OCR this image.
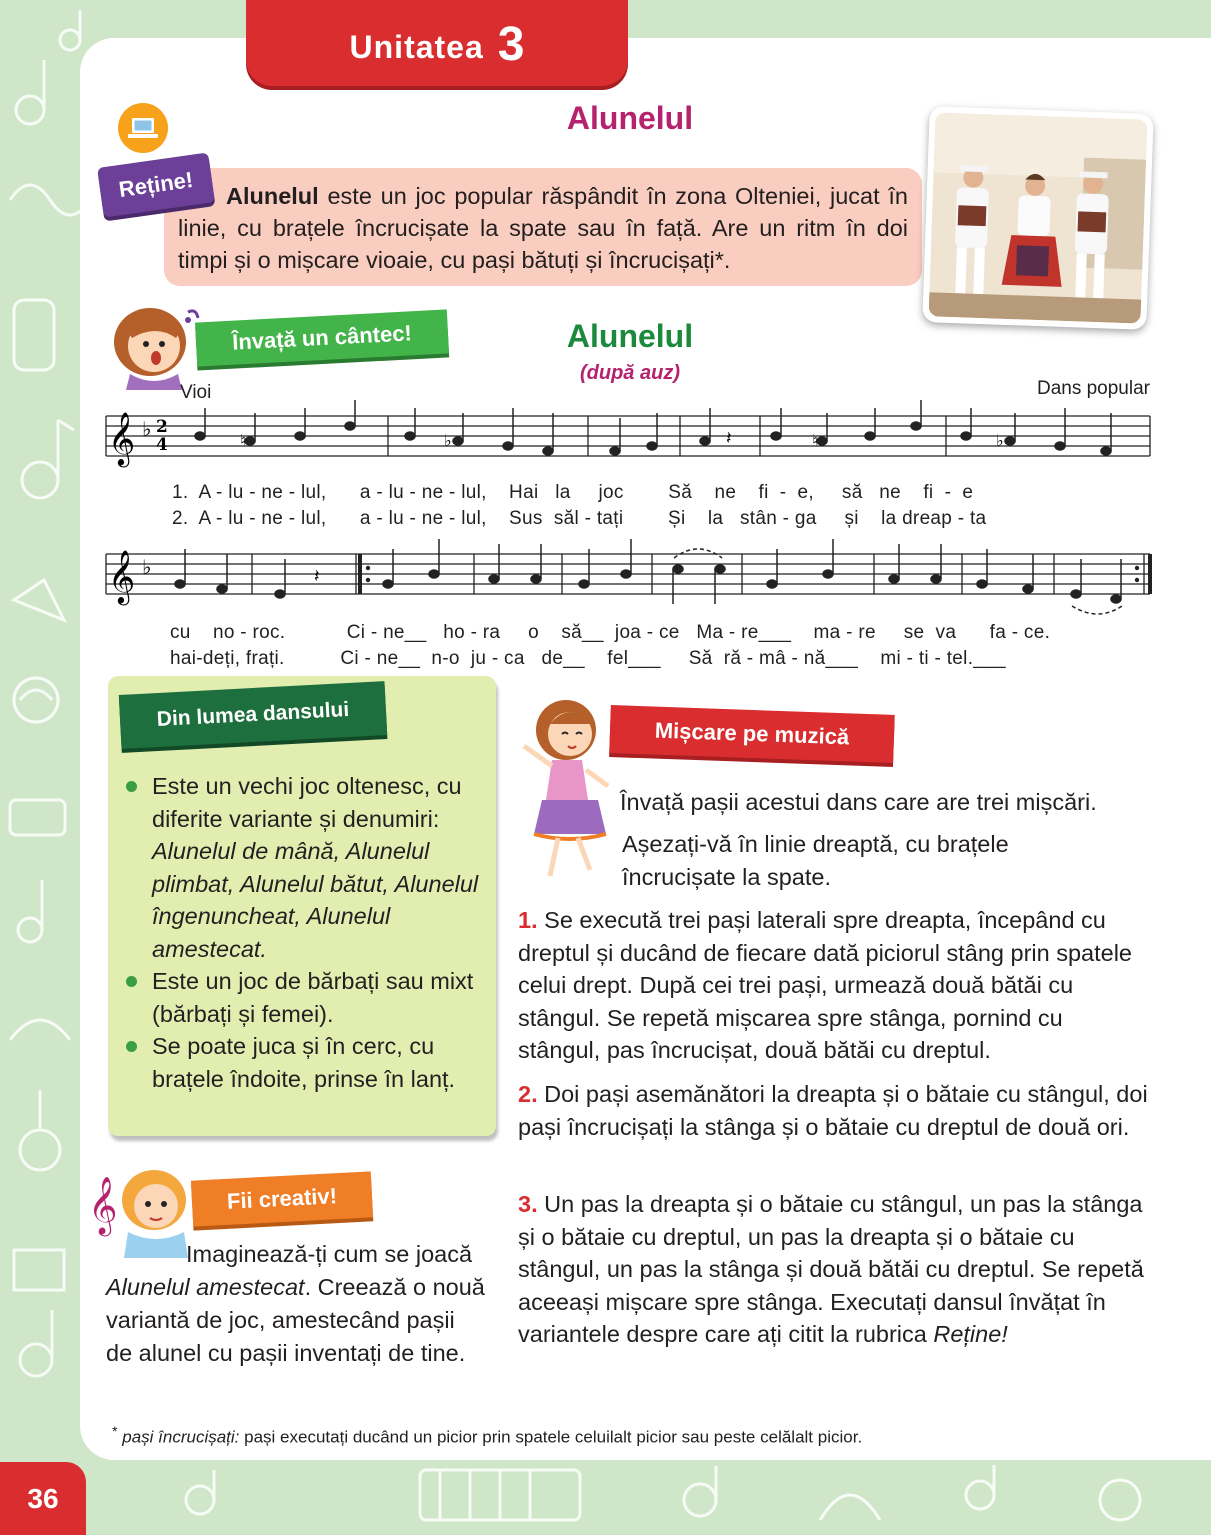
Unitatea 3
Alunelul
Alunelul este un joc popular răspândit în zona Olteniei, jucat în linie, cu brațele încrucișate la spate sau în față. Are un ritm în doi timpi și o mișcare vioaie, cu pași bătuți și încrucișați*.
Reține!
Învață un cântec!	Alunelul
(după auz)
Vioi	Dans popular
𝄞 ♭ 2
4	♮	♭	♮	♭
𝄽
1.  A - lu - ne - lul,      a - lu - ne - lul,    Hai   la     joc        Să    ne    fi  -  e,     să   ne    fi  -  e
2.  A - lu - ne - lul,      a - lu - ne - lul,    Sus  săl - tați        Și    la   stân - ga     și    la dreap - ta
𝄞 ♭	𝄽
cu    no - roc.           Ci - ne__   ho - ra     o    să__  joa - ce   Ma - re___    ma - re     se  va      fa - ce.
hai-deți, frați.          Ci - ne__  n-o  ju - ca   de__    fel___     Să  ră - mâ - nă___    mi - ti - tel.___
Din lumea dansului
Este un vechi joc oltenesc, cu diferite variante și denumiri: Alunelul de mână, Alunelul plimbat, Alunelul bătut, Alunelul îngenuncheat, Alunelul amestecat.
Este un joc de bărbați sau mixt (bărbați și femei).
Se poate juca și în cerc, cu brațele îndoite, prinse în lanț.
Mișcare pe muzică
Învață pașii acestui dans care are trei mișcări.
Așezați-vă în linie dreaptă, cu brațele încrucișate la spate.
1. Se execută trei pași laterali spre dreapta, începând cu dreptul și ducând de fiecare dată piciorul stâng prin spatele celui drept. După cei trei pași, urmează două bătăi cu stângul. Se repetă mișcarea spre stânga, pornind cu stângul, pas încrucișat, două bătăi cu dreptul.
2. Doi pași asemănători la dreapta și o bătaie cu stângul, doi pași încrucișați la stânga și o bătaie cu dreptul de două ori.
3. Un pas la dreapta și o bătaie cu stângul, un pas la stânga și o bătaie cu dreptul, un pas la dreapta și o bătaie cu stângul, un pas la stânga și două bătăi cu dreptul. Se repetă aceeași mișcare spre stânga. Executați dansul învățat în variantele despre care ați citit la rubrica Reține!
𝄞	Fii creativ!
Imaginează-ți cum se joacă Alunelul amestecat. Creează o nouă variantă de joc, amestecând pașii de alunel cu pașii inventați de tine.
* pași încrucișați: pași executați ducând un picior prin spatele celuilalt picior sau peste celălalt picior.
36
